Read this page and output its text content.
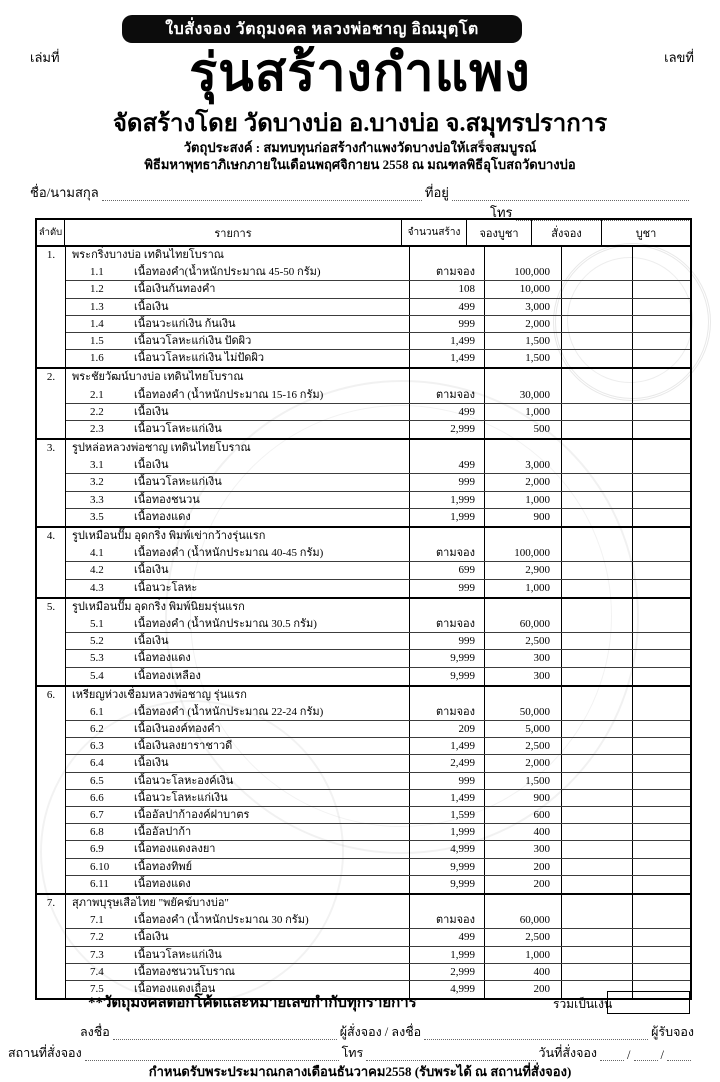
ใบสั่งจอง วัตถุมงคล หลวงพ่อชาญ อิณมุตฺโต
เล่มที่	เลขที่
รุ่นสร้างกำแพง
จัดสร้างโดย วัดบางบ่อ อ.บางบ่อ จ.สมุทรปราการ
วัตถุประสงค์ : สมทบทุนก่อสร้างกำแพงวัดบางบ่อให้เสร็จสมบูรณ์
พิธีมหาพุทธาภิเษกภายในเดือนพฤศจิกายน 2558 ณ มณฑลพิธีอุโบสถวัดบางบ่อ
ชื่อ/นามสกุล	ที่อยู่
โทร
ลำดับ	รายการ	จำนวนสร้าง	จองบูชา	สั่งจอง	บูชา
1.	พระกริ่งบางบ่อ เทดินไทยโบราณ
1.1	เนื้อทองคำ(น้ำหนักประมาณ 45-50 กรัม)	ตามจอง	100,000
1.2	เนื้อเงินก้นทองคำ	108	10,000
1.3	เนื้อเงิน	499	3,000
1.4	เนื้อนวะแก่เงิน ก้นเงิน	999	2,000
1.5	เนื้อนวโลหะแก่เงิน ปัดผิว	1,499	1,500
1.6	เนื้อนวโลหะแก่เงิน ไม่ปัดผิว	1,499	1,500
2.	พระชัยวัฒน์บางบ่อ เทดินไทยโบราณ
2.1	เนื้อทองคำ (น้ำหนักประมาณ 15-16 กรัม)	ตามจอง	30,000
2.2	เนื้อเงิน	499	1,000
2.3	เนื้อนวโลหะแก่เงิน	2,999	500
3.	รูปหล่อหลวงพ่อชาญ เทดินไทยโบราณ
3.1	เนื้อเงิน	499	3,000
3.2	เนื้อนวโลหะแก่เงิน	999	2,000
3.3	เนื้อทองชนวน	1,999	1,000
3.5	เนื้อทองแดง	1,999	900
4.	รูปเหมือนปั๊ม อุดกริ่ง พิมพ์เข่ากว้างรุ่นแรก
4.1	เนื้อทองคำ (น้ำหนักประมาณ 40-45 กรัม)	ตามจอง	100,000
4.2	เนื้อเงิน	699	2,900
4.3	เนื้อนวะโลหะ	999	1,000
5.	รูปเหมือนปั๊ม อุดกริ่ง พิมพ์นิยมรุ่นแรก
5.1	เนื้อทองคำ (น้ำหนักประมาณ 30.5 กรัม)	ตามจอง	60,000
5.2	เนื้อเงิน	999	2,500
5.3	เนื้อทองแดง	9,999	300
5.4	เนื้อทองเหลือง	9,999	300
6.	เหรียญห่วงเชื่อมหลวงพ่อชาญ รุ่นแรก
6.1	เนื้อทองคำ (น้ำหนักประมาณ 22-24 กรัม)	ตามจอง	50,000
6.2	เนื้อเงินองค์ทองคำ	209	5,000
6.3	เนื้อเงินลงยาราชาวดี	1,499	2,500
6.4	เนื้อเงิน	2,499	2,000
6.5	เนื้อนวะโลหะองค์เงิน	999	1,500
6.6	เนื้อนวะโลหะแก่เงิน	1,499	900
6.7	เนื้ออัลปาก้าองค์ฝาบาตร	1,599	600
6.8	เนื้ออัลปาก้า	1,999	400
6.9	เนื้อทองแดงลงยา	4,999	300
6.10 เนื้อทองทิพย์	9,999	200
6.11 เนื้อทองแดง	9,999	200
7.	สุภาพบุรุษเสือไทย "พยัคฆ์บางบ่อ"
7.1	เนื้อทองคำ (น้ำหนักประมาณ 30 กรัม)	ตามจอง	60,000
7.2	เนื้อเงิน	499	2,500
7.3	เนื้อนวโลหะแก่เงิน	1,999	1,000
7.4	เนื้อทองชนวนโบราณ	2,999	400
7.5	เนื้อทองแดงเถื่อน	4,999	200
**วัตถุมงคลตอกโค้ดและหมายเลขกำกับทุกรายการ	รวมเป็นเงิน
ลงชื่อ	ผู้สั่งจอง / ลงชื่อ	ผู้รับจอง
สถานที่สั่งจอง	โทร	วันที่สั่งจอง / /
กำหนดรับพระประมาณกลางเดือนธันวาคม2558 (รับพระได้ ณ สถานที่สั่งจอง)
